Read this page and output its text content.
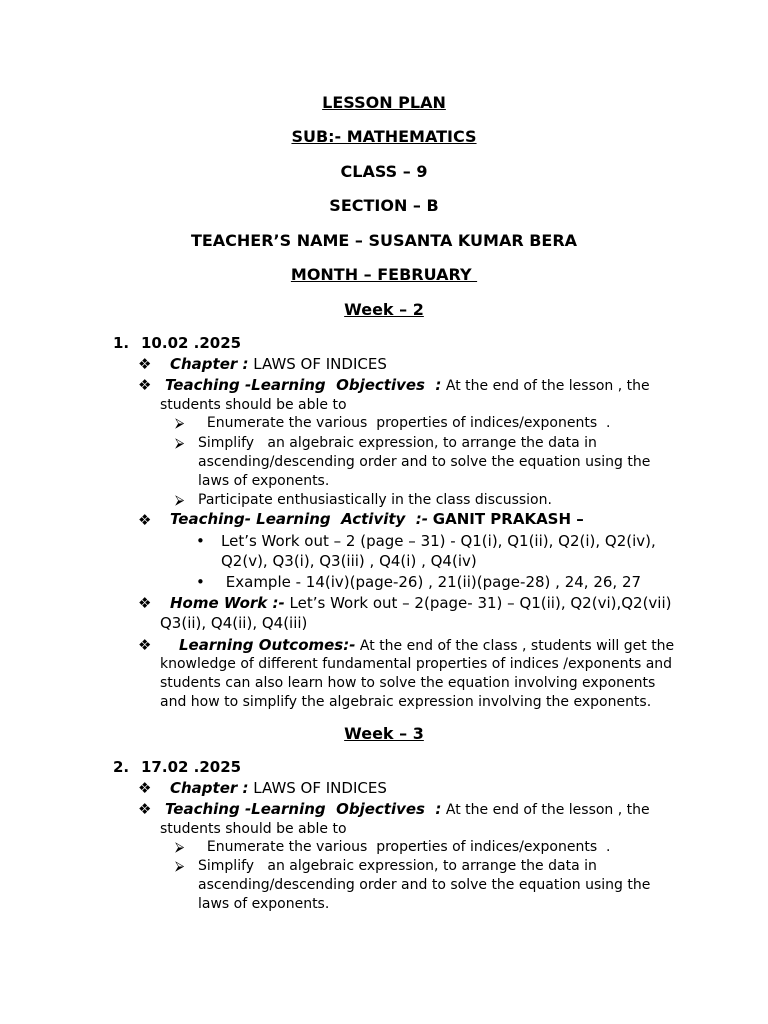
LESSON PLAN
SUB:- MATHEMATICS
CLASS – 9
SECTION – B
TEACHER’S NAME – SUSANTA KUMAR BERA
MONTH – FEBRUARY
Week – 2
1. 10.02 .2025
❖ Chapter : LAWS OF INDICES
❖ Teaching -Learning  Objectives  : At the end of the lesson , the
students should be able to
⮚ Enumerate the various  properties of indices/exponents  .
⮚ Simplify   an algebraic expression, to arrange the data in
ascending/descending order and to solve the equation using the
laws of exponents.
⮚ Participate enthusiastically in the class discussion.
❖ Teaching- Learning  Activity  :- GANIT PRAKASH –
• Let’s Work out – 2 (page – 31) - Q1(i), Q1(ii), Q2(i), Q2(iv),
Q2(v), Q3(i), Q3(iii) , Q4(i) , Q4(iv)
• Example - 14(iv)(page-26) , 21(ii)(page-28) , 24, 26, 27
❖ Home Work :- Let’s Work out – 2(page- 31) – Q1(ii), Q2(vi),Q2(vii)
Q3(ii), Q4(ii), Q4(iii)
❖ Learning Outcomes:- At the end of the class , students will get the
knowledge of different fundamental properties of indices /exponents and
students can also learn how to solve the equation involving exponents
and how to simplify the algebraic expression involving the exponents.
Week – 3
2. 17.02 .2025
❖ Chapter : LAWS OF INDICES
❖ Teaching -Learning  Objectives  : At the end of the lesson , the
students should be able to
⮚ Enumerate the various  properties of indices/exponents  .
⮚ Simplify   an algebraic expression, to arrange the data in
ascending/descending order and to solve the equation using the
laws of exponents.
